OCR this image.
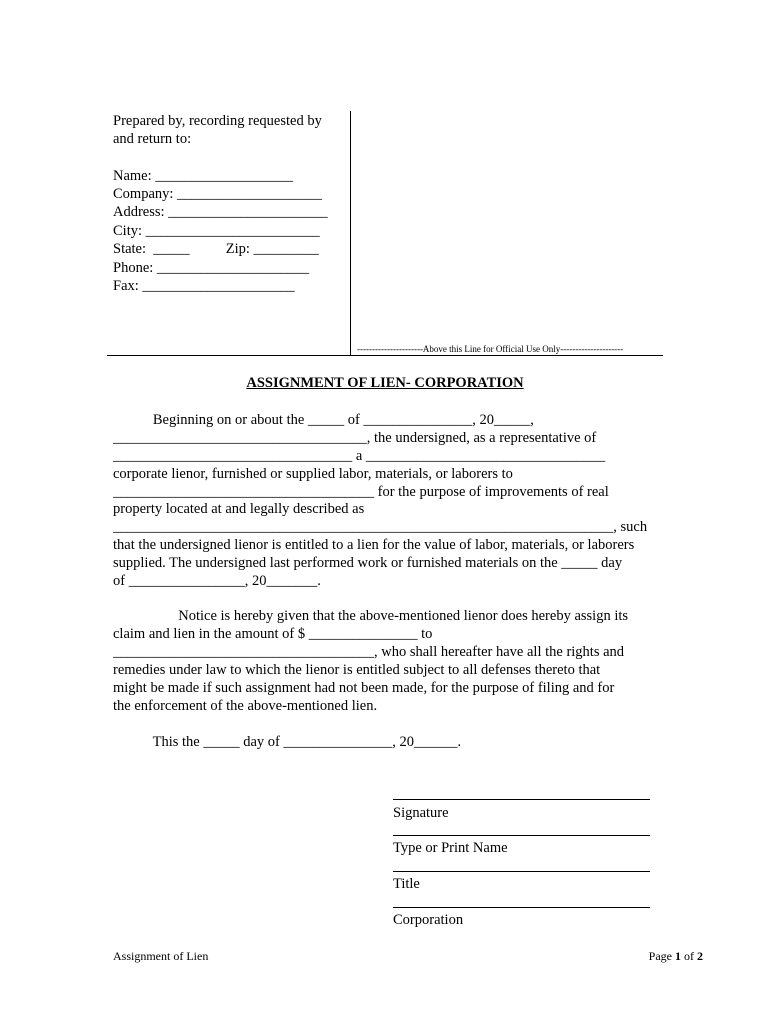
Prepared by, recording requested by
and return to:
Name: ___________________
Company: ____________________
Address: ______________________
City: ________________________
State:  _____          Zip: _________
Phone: _____________________
Fax: _____________________
----------------------Above this Line for Official Use Only---------------------
ASSIGNMENT OF LIEN- CORPORATION
Beginning on or about the _____ of _______________, 20_____,
___________________________________, the undersigned, as a representative of
_________________________________ a _________________________________
corporate lienor, furnished or supplied labor, materials, or laborers to
____________________________________ for the purpose of improvements of real
property located at and legally described as
_____________________________________________________________________, such
that the undersigned lienor is entitled to a lien for the value of labor, materials, or laborers
supplied. The undersigned last performed work or furnished materials on the _____ day
of ________________, 20_______.
Notice is hereby given that the above-mentioned lienor does hereby assign its
claim and lien in the amount of $ _______________ to
____________________________________, who shall hereafter have all the rights and
remedies under law to which the lienor is entitled subject to all defenses thereto that
might be made if such assignment had not been made, for the purpose of filing and for
the enforcement of the above-mentioned lien.
This the _____ day of _______________, 20______.
Signature
Type or Print Name
Title
Corporation
Assignment of Lien	Page 1 of 2
